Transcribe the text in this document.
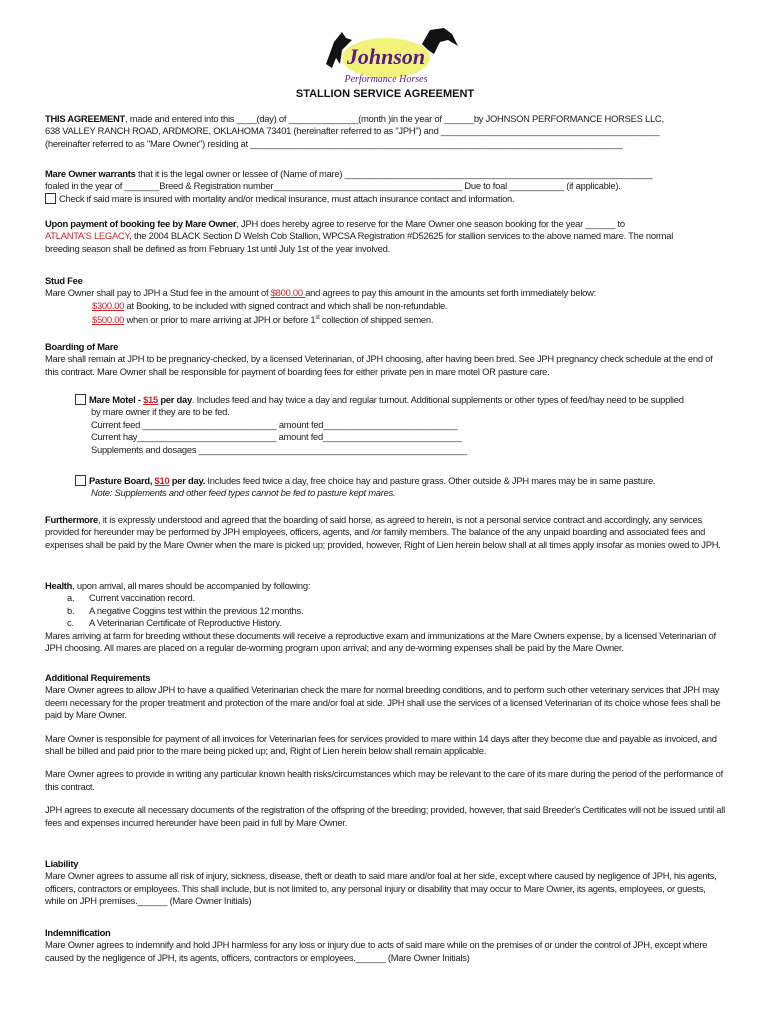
Johnson
Performance Horses
STALLION SERVICE AGREEMENT

THIS AGREEMENT, made and entered into this ____(day) of ______________(month )in the year of ______by JOHNSON PERFORMANCE HORSES LLC,

638 VALLEY RANCH ROAD, ARDMORE, OKLAHOMA 73401 (hereinafter referred to as "JPH") and ____________________________________________

(hereinafter referred to as "Mare Owner") residing at ___________________________________________________________________________

Mare Owner warrants that it is the legal owner or lessee of (Name of mare) ______________________________________________________________

foaled in the year of _______Breed & Registration number______________________________________ Due to foal ___________ (if applicable).

Check if said mare is insured with mortality and/or medical insurance, must attach insurance contact and information.

Upon payment of booking fee by Mare Owner, JPH does hereby agree to reserve for the Mare Owner one season booking for the year ______ to

ATLANTA'S LEGACY, the 2004 BLACK Section D Welsh Cob Stallion, WPCSA Registration #D52625 for stallion services to the above named mare. The normal

breeding season shall be defined as from February 1st until July 1st of the year involved.

Stud Fee

Mare Owner shall pay to JPH a Stud fee in the amount of $800.00 and agrees to pay this amount in the amounts set forth immediately below:

$300.00 at Booking, to be included with signed contract and which shall be non-refundable.

$500.00 when or prior to mare arriving at JPH or before 1st collection of shipped semen.

Boarding of Mare

Mare shall remain at JPH to be pregnancy-checked, by a licensed Veterinarian, of JPH choosing, after having been bred. See JPH pregnancy check schedule at the end of this contract. Mare Owner shall be responsible for payment of boarding fees for either private pen in mare motel OR pasture care.

Mare Motel - $15 per day. Includes feed and hay twice a day and regular turnout. Additional supplements or other types of feed/hay need to be supplied

by mare owner if they are to be fed.

Current feed ___________________________ amount fed___________________________

Current hay____________________________ amount fed____________________________

Supplements and dosages ______________________________________________________

Pasture Board, $10 per day. Includes feed twice a day, free choice hay and pasture grass. Other outside & JPH mares may be in same pasture.

Note: Supplements and other feed types cannot be fed to pasture kept mares.

Furthermore, it is expressly understood and agreed that the boarding of said horse, as agreed to herein, is not a personal service contract and accordingly, any services provided for hereunder may be performed by JPH employees, officers, agents, and /or family members. The balance of the any unpaid boarding and associated fees and expenses shall be paid by the Mare Owner when the mare is picked up; provided, however, Right of Lien herein below shall at all times apply insofar as monies owed to JPH.

Health, upon arrival, all mares should be accompanied by following:

a. Current vaccination record.

b. A negative Coggins test within the previous 12 months.

c. A Veterinarian Certificate of Reproductive History.

Mares arriving at farm for breeding without these documents will receive a reproductive exam and immunizations at the Mare Owners expense, by a licensed Veterinarian of JPH choosing. All mares are placed on a regular de-worming program upon arrival; and any de-worming expenses shall be paid by the Mare Owner.

Additional Requirements

Mare Owner agrees to allow JPH to have a qualified Veterinarian check the mare for normal breeding conditions, and to perform such other veterinary services that JPH may deem necessary for the proper treatment and protection of the mare and/or foal at side. JPH shall use the services of a licensed Veterinarian of its choice whose fees shall be paid by Mare Owner.

Mare Owner is responsible for payment of all invoices for Veterinarian fees for services provided to mare within 14 days after they become due and payable as invoiced, and shall be billed and paid prior to the mare being picked up; and, Right of Lien herein below shall remain applicable.

Mare Owner agrees to provide in writing any particular known health risks/circumstances which may be relevant to the care of its mare during the period of the performance of this contract.

JPH agrees to execute all necessary documents of the registration of the offspring of the breeding; provided, however, that said Breeder's Certificates will not be issued until all fees and expenses incurred hereunder have been paid in full by Mare Owner.

Liability

Mare Owner agrees to assume all risk of injury, sickness, disease, theft or death to said mare and/or foal at her side, except where caused by negligence of JPH, his agents, officers, contractors or employees. This shall include, but is not limited to, any personal injury or disability that may occur to Mare Owner, its agents, employees, or guests, while on JPH premises.______ (Mare Owner Initials)

Indemnification

Mare Owner agrees to indemnify and hold JPH harmless for any loss or injury due to acts of said mare while on the premises of or under the control of JPH, except where caused by the negligence of JPH, its agents, officers, contractors or employees.______ (Mare Owner Initials)
